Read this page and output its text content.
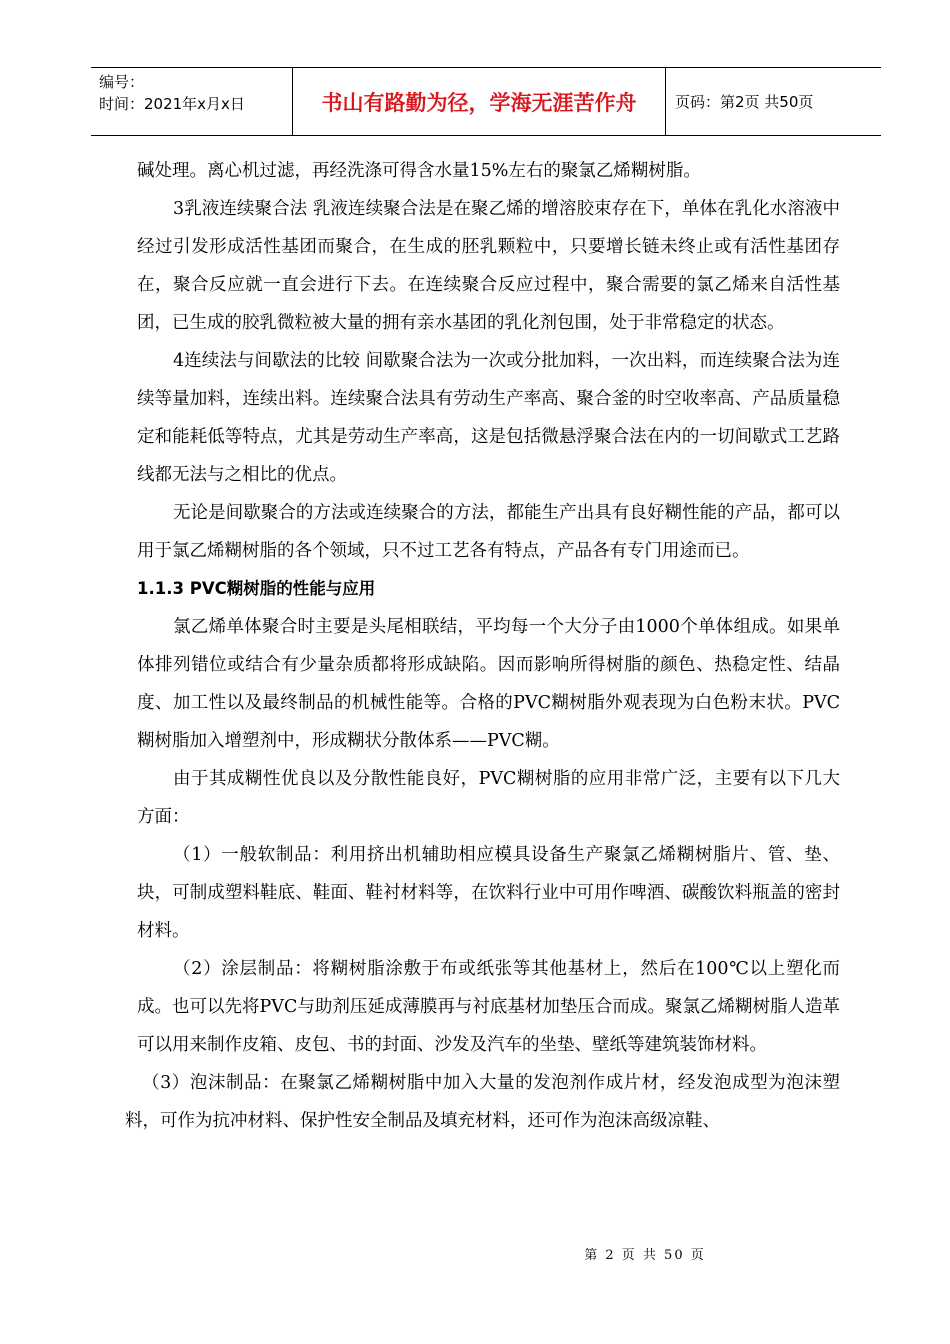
编号：
时间：2021年x月x日	书山有路勤为径，学海无涯苦作舟	页码：第2页 共50页

碱处理。离心机过滤，再经洗涤可得含水量15%左右的聚氯乙烯糊树脂。

3乳液连续聚合法 乳液连续聚合法是在聚乙烯的增溶胶束存在下，单体在乳化水溶液中经过引发形成活性基团而聚合，在生成的胚乳颗粒中，只要增长链未终止或有活性基团存在，聚合反应就一直会进行下去。在连续聚合反应过程中，聚合需要的氯乙烯来自活性基团，已生成的胶乳微粒被大量的拥有亲水基团的乳化剂包围，处于非常稳定的状态。

4连续法与间歇法的比较 间歇聚合法为一次或分批加料，一次出料，而连续聚合法为连续等量加料，连续出料。连续聚合法具有劳动生产率高、聚合釜的时空收率高、产品质量稳定和能耗低等特点，尤其是劳动生产率高，这是包括微悬浮聚合法在内的一切间歇式工艺路线都无法与之相比的优点。

无论是间歇聚合的方法或连续聚合的方法，都能生产出具有良好糊性能的产品，都可以用于氯乙烯糊树脂的各个领域，只不过工艺各有特点，产品各有专门用途而已。

1.1.3 PVC糊树脂的性能与应用

氯乙烯单体聚合时主要是头尾相联结，平均每一个大分子由1000个单体组成。如果单体排列错位或结合有少量杂质都将形成缺陷。因而影响所得树脂的颜色、热稳定性、结晶度、加工性以及最终制品的机械性能等。合格的PVC糊树脂外观表现为白色粉末状。PVC糊树脂加入增塑剂中，形成糊状分散体系——PVC糊。

由于其成糊性优良以及分散性能良好，PVC糊树脂的应用非常广泛，主要有以下几大方面：

（1）一般软制品：利用挤出机辅助相应模具设备生产聚氯乙烯糊树脂片、管、垫、块，可制成塑料鞋底、鞋面、鞋衬材料等，在饮料行业中可用作啤酒、碳酸饮料瓶盖的密封材料。

（2）涂层制品：将糊树脂涂敷于布或纸张等其他基材上，然后在100℃以上塑化而成。也可以先将PVC与助剂压延成薄膜再与衬底基材加垫压合而成。聚氯乙烯糊树脂人造革可以用来制作皮箱、皮包、书的封面、沙发及汽车的坐垫、壁纸等建筑装饰材料。

（3）泡沫制品：在聚氯乙烯糊树脂中加入大量的发泡剂作成片材，经发泡成型为泡沫塑料，可作为抗冲材料、保护性安全制品及填充材料，还可作为泡沫高级凉鞋、

第 2 页 共 50 页
